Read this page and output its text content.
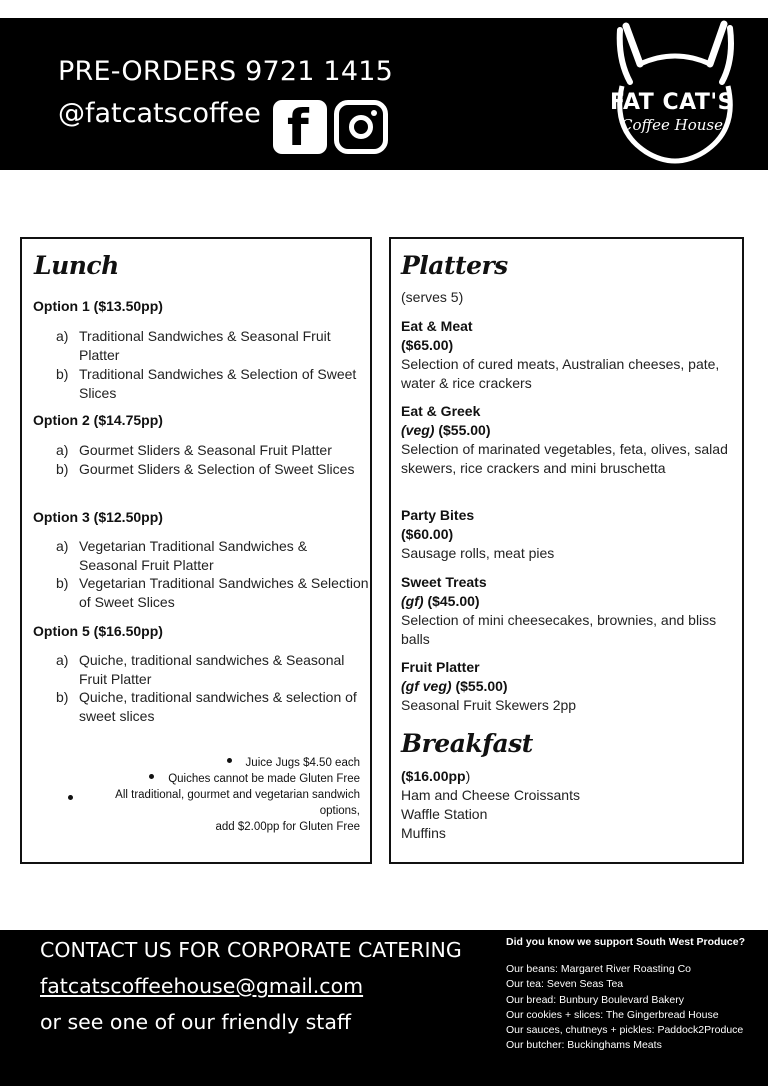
PRE-ORDERS 9721 1415
@fatcatscoffee f	FAT CAT'S
Coffee House
Lunch
Option 1 ($13.50pp)
a) Traditional Sandwiches & Seasonal Fruit Platter
b) Traditional Sandwiches & Selection of Sweet Slices
Option 2 ($14.75pp)
a) Gourmet Sliders & Seasonal Fruit Platter
b) Gourmet Sliders & Selection of Sweet Slices
Option 3 ($12.50pp)
a) Vegetarian Traditional Sandwiches & Seasonal Fruit Platter
b) Vegetarian Traditional Sandwiches & Selection of Sweet Slices
Option 5 ($16.50pp)
a) Quiche, traditional sandwiches & Seasonal Fruit Platter
b) Quiche, traditional sandwiches & selection of sweet slices
Juice Jugs $4.50 each
Quiches cannot be made Gluten Free
All traditional, gourmet and vegetarian sandwich options,
add $2.00pp for Gluten Free
Platters
(serves 5)
Eat & Meat
($65.00)
Selection of cured meats, Australian cheeses, pate, water & rice crackers
Eat & Greek
(veg) ($55.00)
Selection of marinated vegetables, feta, olives, salad skewers, rice crackers and mini bruschetta
Party Bites
($60.00)
Sausage rolls, meat pies
Sweet Treats
(gf) ($45.00)
Selection of mini cheesecakes, brownies, and bliss balls
Fruit Platter
(gf veg) ($55.00)
Seasonal Fruit Skewers 2pp
Breakfast
($16.00pp)
Ham and Cheese Croissants
Waffle Station
Muffins
CONTACT US FOR CORPORATE CATERING
fatcatscoffeehouse@gmail.com
or see one of our friendly staff
Did you know we support South West Produce?
Our beans: Margaret River Roasting Co
Our tea: Seven Seas Tea
Our bread: Bunbury Boulevard Bakery
Our cookies + slices: The Gingerbread House
Our sauces, chutneys + pickles: Paddock2Produce
Our butcher: Buckinghams Meats
